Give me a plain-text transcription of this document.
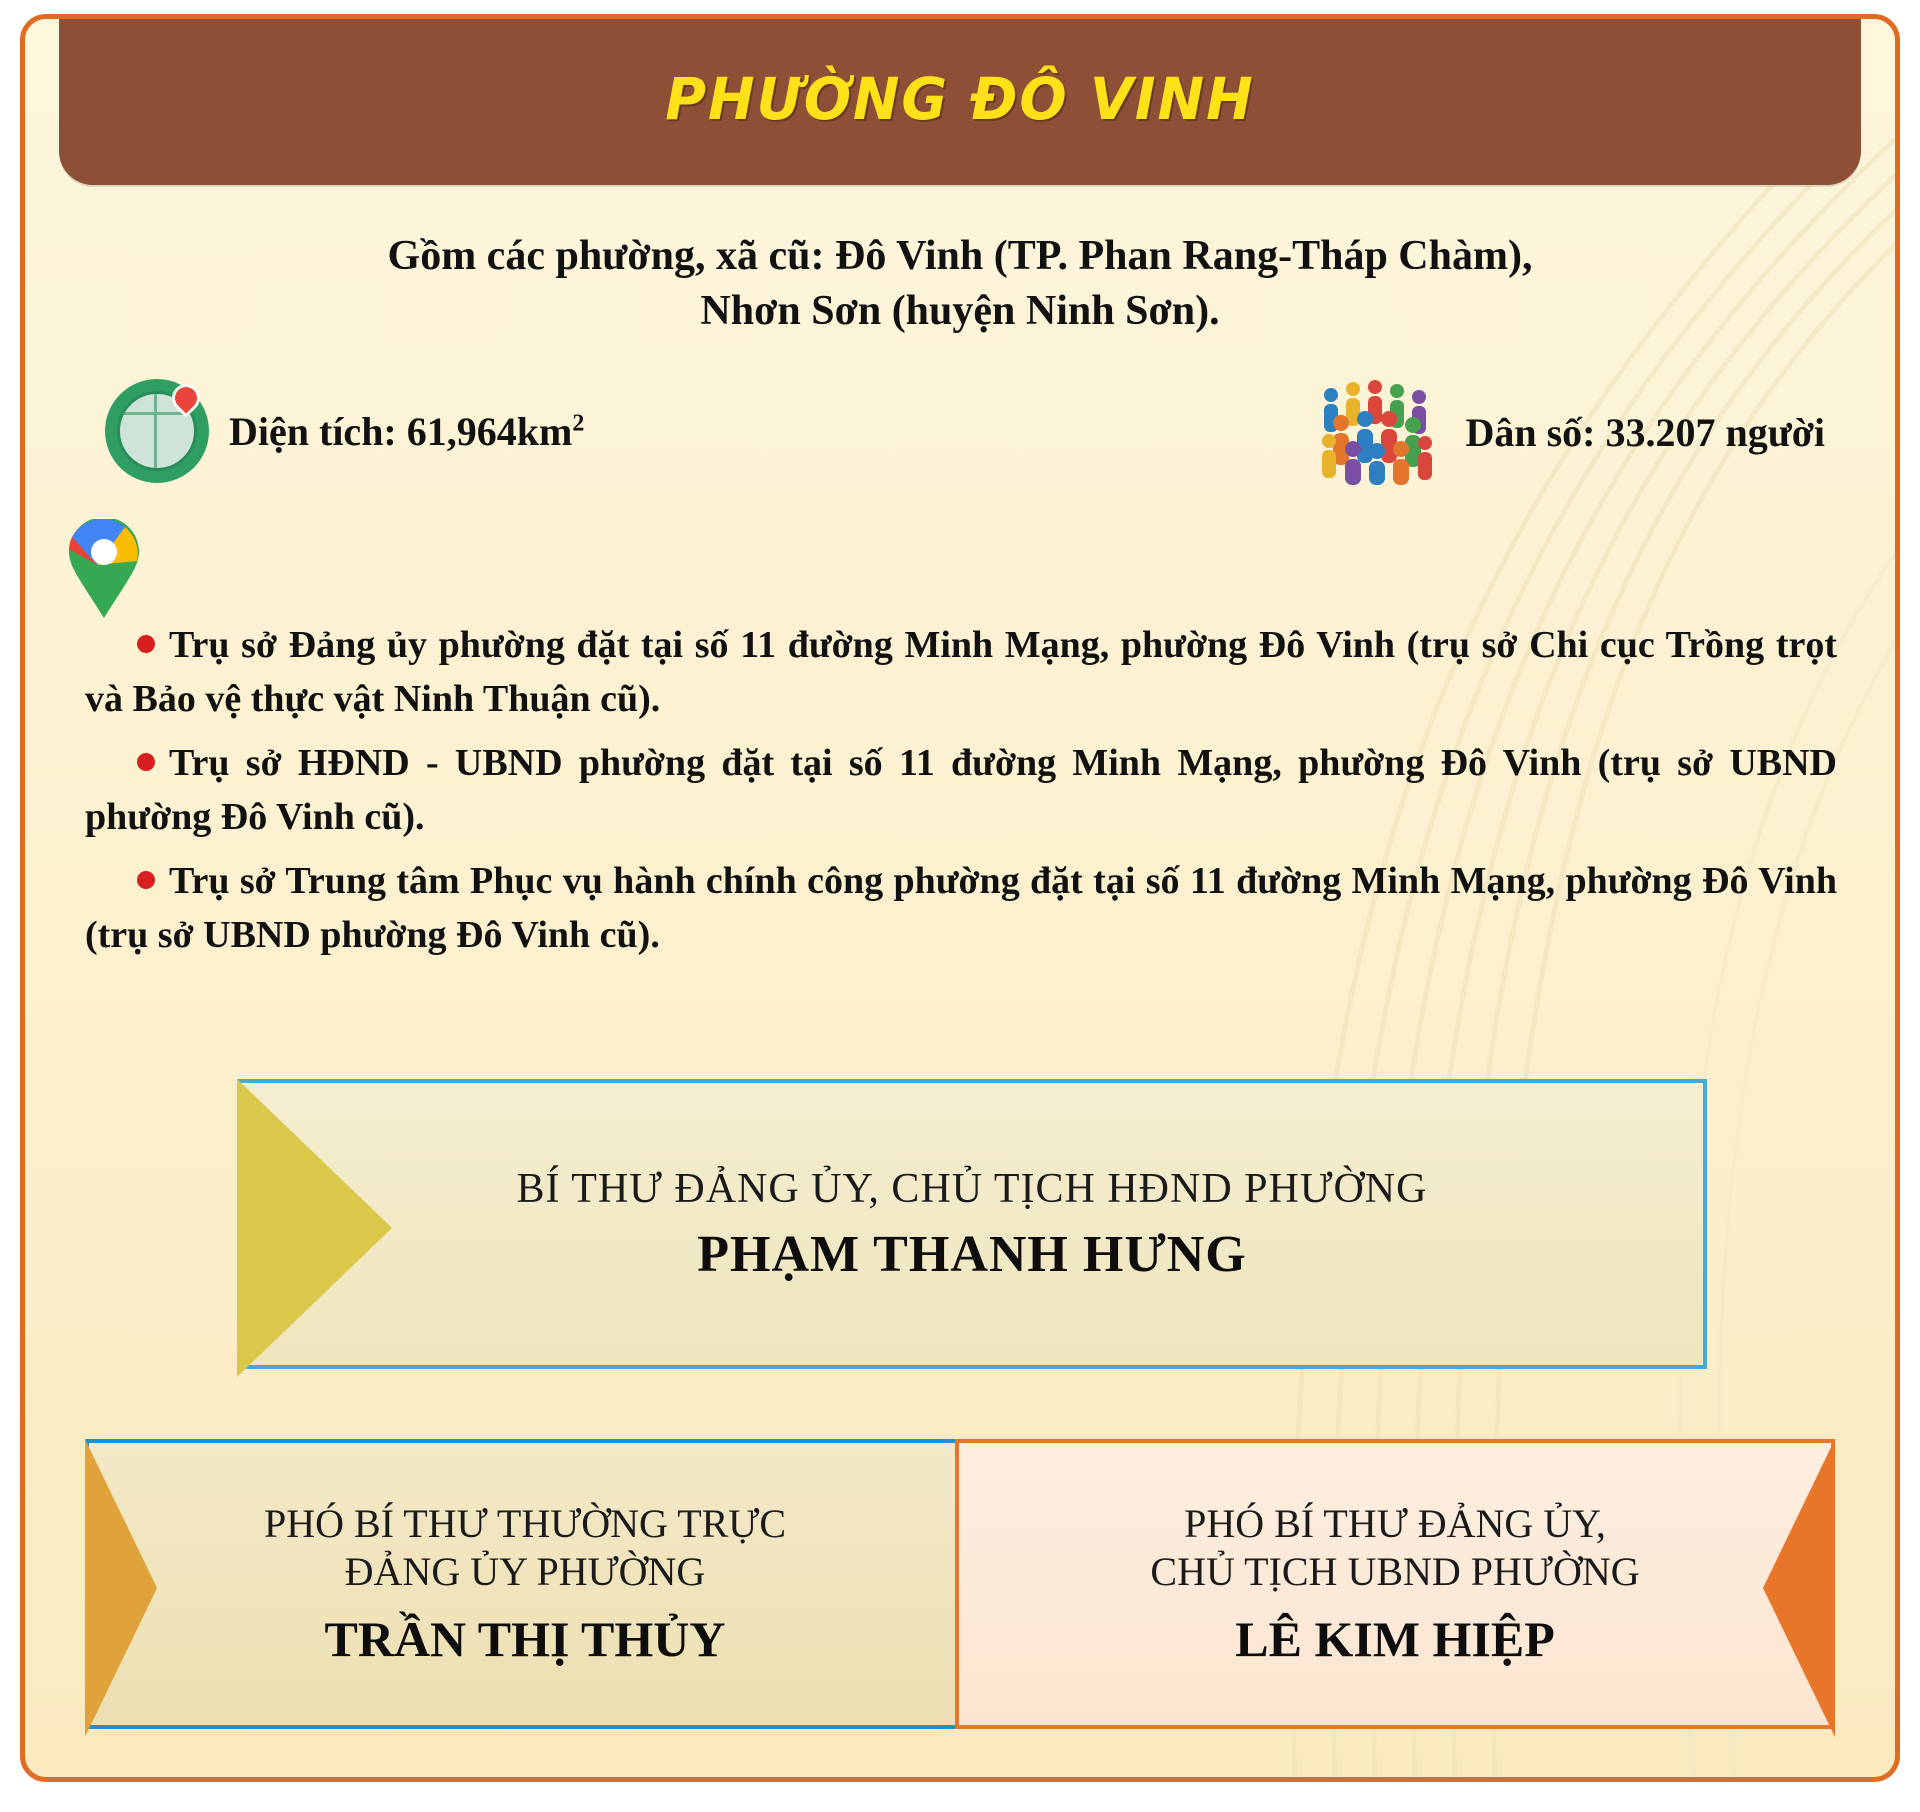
PHƯỜNG ĐÔ VINH
Gồm các phường, xã cũ: Đô Vinh (TP. Phan Rang-Tháp Chàm),
Nhơn Sơn (huyện Ninh Sơn).
Diện tích: $61,964km^2$	Dân số: 33.207 người

Trụ sở Đảng ủy phường đặt tại số 11 đường Minh Mạng, phường Đô Vinh (trụ sở Chi cục Trồng trọt và Bảo vệ thực vật Ninh Thuận cũ).

Trụ sở HĐND - UBND phường đặt tại số 11 đường Minh Mạng, phường Đô Vinh (trụ sở UBND phường Đô Vinh cũ).

Trụ sở Trung tâm Phục vụ hành chính công phường đặt tại số 11 đường Minh Mạng, phường Đô Vinh (trụ sở UBND phường Đô Vinh cũ).

BÍ THƯ ĐẢNG ỦY, CHỦ TỊCH HĐND PHƯỜNG
PHẠM THANH HƯNG
PHÓ BÍ THƯ THƯỜNG TRỰC
ĐẢNG ỦY PHƯỜNG
TRẦN THỊ THỦY
PHÓ BÍ THƯ ĐẢNG ỦY,
CHỦ TỊCH UBND PHƯỜNG
LÊ KIM HIỆP
